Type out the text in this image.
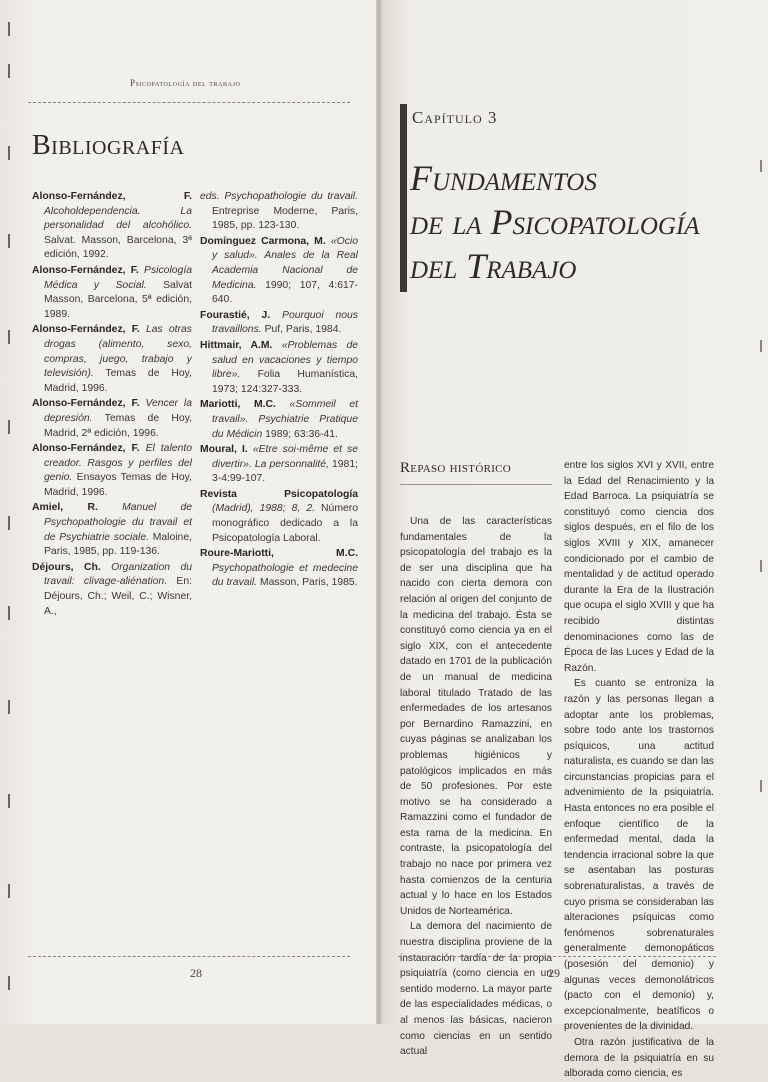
Psicopatología del trabajo
Bibliografía

Alonso-Fernández, F. Alcoholdependencia. La personalidad del alcohólico. Salvat. Masson, Barcelona, 3ª edición, 1992.

Alonso-Fernández, F. Psicología Médica y Social. Salvat Masson, Barcelona, 5ª edición, 1989.

Alonso-Fernández, F. Las otras drogas (alimento, sexo, compras, juego, trabajo y televisión). Temas de Hoy, Madrid, 1996.

Alonso-Fernández, F. Vencer la depresión. Temas de Hoy, Madrid, 2ª edición, 1996.

Alonso-Fernández, F. El talento creador. Rasgos y perfiles del genio. Ensayos Temas de Hoy, Madrid, 1996.

Amiel, R. Manuel de Psychopathologie du travail et de Psychiatrie sociale. Maloine, Paris, 1985, pp. 119-136.

Déjours, Ch. Organization du travail: clivage-aliénation. En: Déjours, Ch.; Weil, C.; Wisner, A.,

eds. Psychopathologie du travail. Entreprise Moderne, Paris, 1985, pp. 123-130.

Domínguez Carmona, M. «Ocio y salud». Anales de la Real Academia Nacional de Medicina. 1990; 107, 4:617-640.

Fourastié, J. Pourquoi nous travaillons. Puf, Paris, 1984.

Hittmair, A.M. «Problemas de salud en vacaciones y tiempo libre». Folia Humanística, 1973; 124:327-333.

Mariotti, M.C. «Sommeil et travail». Psychiatrie Pratique du Médicin 1989; 63:36-41.

Moural, I. «Etre soi-même et se divertir». La personnalité, 1981; 3-4:99-107.

Revista Psicopatología (Madrid), 1988; 8, 2. Número monográfico dedicado a la Psicopatología Laboral.

Roure-Mariotti, M.C. Psychopathologie et medecine du travail. Masson, Paris, 1985.

28
Capítulo 3
Fundamentos
de la Psicopatología
del Trabajo
Repaso histórico

Una de las características fundamentales de la psicopatología del trabajo es la de ser una disciplina que ha nacido con cierta demora con relación al origen del conjunto de la medicina del trabajo. Ésta se constituyó como ciencia ya en el siglo XIX, con el antecedente datado en 1701 de la publicación de un manual de medicina laboral titulado Tratado de las enfermedades de los artesanos por Bernardino Ramazzini, en cuyas páginas se analizaban los problemas higiénicos y patológicos implicados en más de 50 profesiones. Por este motivo se ha considerado a Ramazzini como el fundador de esta rama de la medicina. En contraste, la psicopatología del trabajo no nace por primera vez hasta comienzos de la centuria actual y lo hace en los Estados Unidos de Norteamérica.

La demora del nacimiento de nuestra disciplina proviene de la instauración tardía de la propia psiquiatría (como ciencia en un sentido moderno. La mayor parte de las especialidades médicas, o al menos las básicas, nacieron como ciencias en un sentido actual

entre los siglos XVI y XVII, entre la Edad del Renacimiento y la Edad Barroca. La psiquiatría se constituyó como ciencia dos siglos después, en el filo de los siglos XVIII y XIX, amanecer condicionado por el cambio de mentalidad y de actitud operado durante la Era de la Ilustración que ocupa el siglo XVIII y que ha recibido distintas denominaciones como las de Época de las Luces y Edad de la Razón.

Es cuanto se entroniza la razón y las personas llegan a adoptar ante los problemas, sobre todo ante los trastornos psíquicos, una actitud naturalista, es cuando se dan las circunstancias propicias para el advenimiento de la psiquiatría. Hasta entonces no era posible el enfoque científico de la enfermedad mental, dada la tendencia irracional sobre la que se asentaban las posturas sobrenaturalistas, a través de cuyo prisma se consideraban las alteraciones psíquicas como fenómenos sobrenaturales generalmente demonopáticos (posesión del demonio) y algunas veces demonolátricos (pacto con el demonio) y, excepcionalmente, beatíficos o provenientes de la divinidad.

Otra razón justificativa de la demora de la psiquiatría en su alborada como ciencia, es

29
